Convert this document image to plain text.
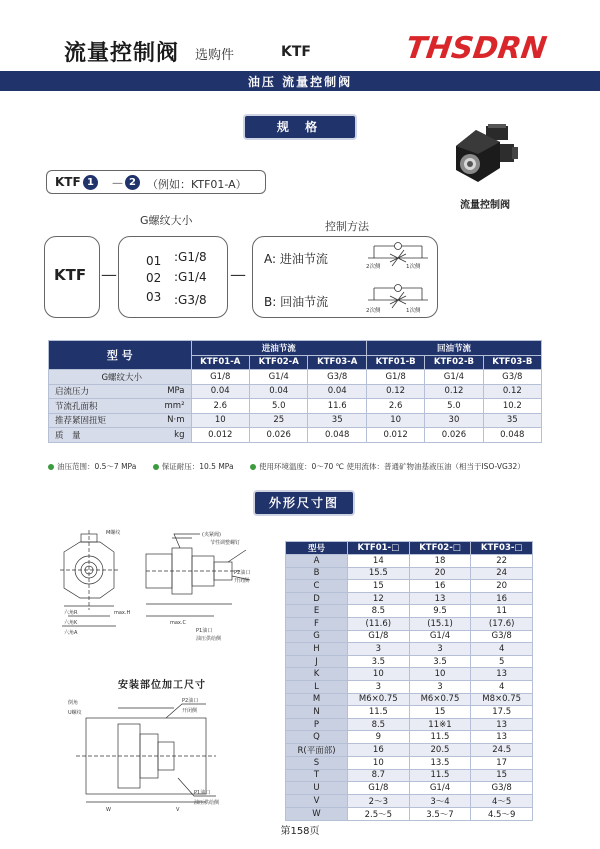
流量控制阀 选购件	KTF	THSDRN
油压 流量控制阀
规 格
流量控制阀
KTF 1	－ 2	（例如：KTF01-A）
G螺纹大小	控制方法
KTF —
01 :G1/8
02 :G1/4
03 :G3/8
—
A: 进油节流
B: 回油节流
2次侧	1次侧
2次侧	1次侧
型 号		进油节流			回油节流		
		KTF01-A	KTF02-A	KTF03-A	KTF01-B	KTF02-B	KTF03-B
G螺纹大小		G1/8	G1/4	G3/8	G1/8	G1/4	G3/8
启流压力	MPa	0.04	0.04	0.04	0.12	0.12	0.12
节流孔面积	mm²	2.6	5.0	11.6	2.6	5.0	10.2
推荐紧固扭矩	N·m	10	25	35	10	30	35
质　量	kg	0.012	0.026	0.048	0.012	0.026	0.048
油压范围：0.5～7 MPa	保证耐压：10.5 MPa	使用环境温度：0～70 ℃ 使用流体：普通矿物油基液压油（相当于ISO-VG32）
外形尺寸图
M螺纹	(夹紧阀)
节性调整螺钉
P2油口
开闭侧
六角R
六角K
六角A
max.H
max.C
P1油口
油压供给侧
安装部位加工尺寸
倒角
U螺纹
P2油口
开闭侧
P1油口
油压供给侧
W	V
型号	KTF01-□	KTF02-□	KTF03-□
A	14	18	22
B	15.5	20	24
C	15	16	20
D	12	13	16
E	8.5	9.5	11
F	(11.6)	(15.1)	(17.6)
G	G1/8	G1/4	G3/8
H	3	3	4
J	3.5	3.5	5
K	10	10	13
L	3	3	4
M	M6×0.75	M6×0.75	M8×0.75
N	11.5	15	17.5
P	8.5	11※1	13
Q	9	11.5	13
R(平面部)	16	20.5	24.5
S	10	13.5	17
T	8.7	11.5	15
U	G1/8	G1/4	G3/8
V	2～3	3～4	4～5
W	2.5～5	3.5～7	4.5～9
第158页
